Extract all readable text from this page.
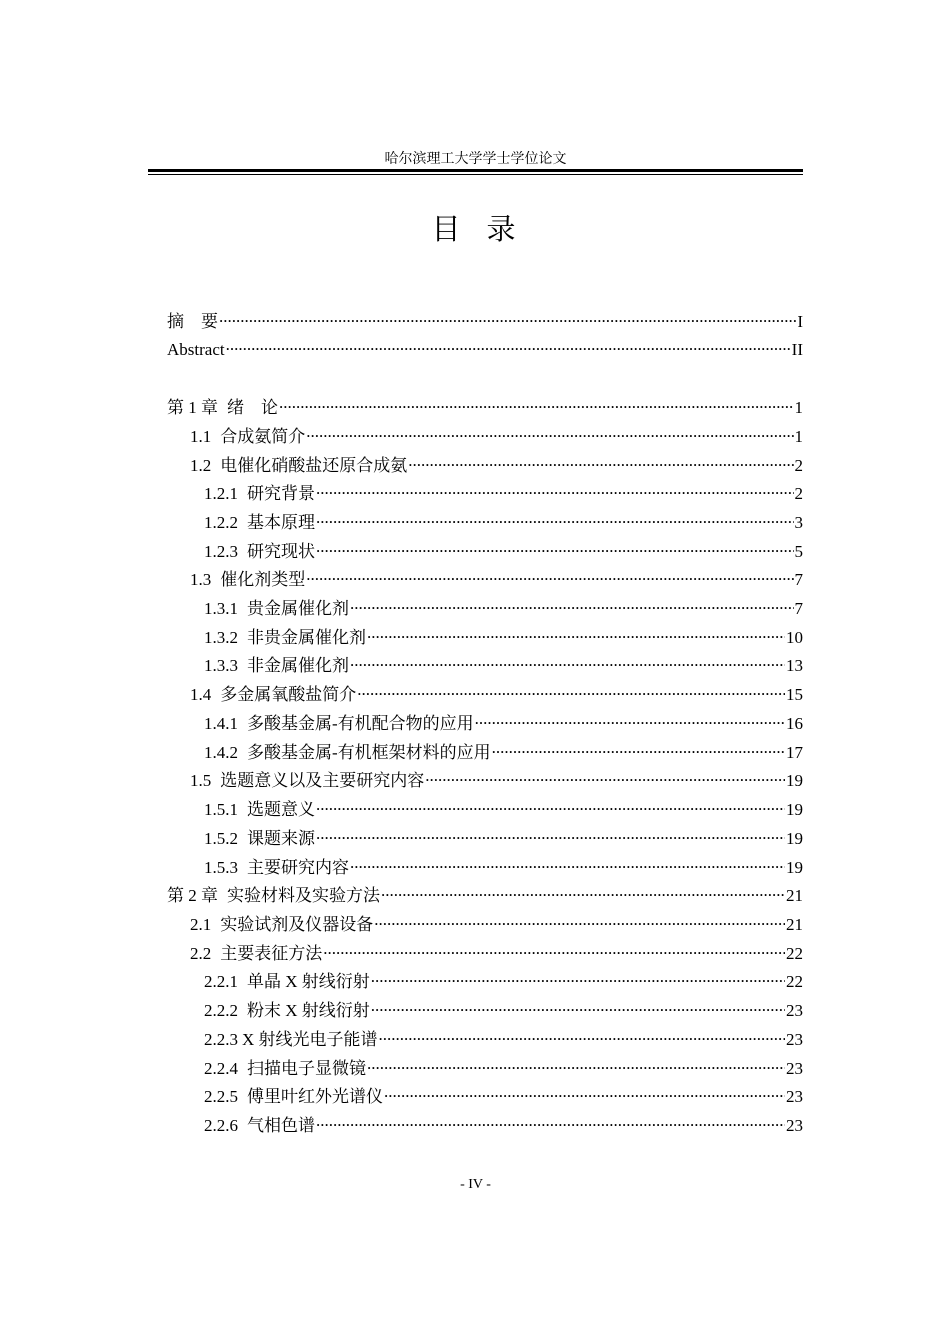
哈尔滨理工大学学士学位论文
目 录
摘　要 .....	I
Abstract .....	II
第 1 章 绪　论 .....	1
1.1 合成氨简介 .....	1
1.2 电催化硝酸盐还原合成氨 .....	2
1.2.1 研究背景 .....	2
1.2.2 基本原理 .....	3
1.2.3 研究现状 .....	5
1.3 催化剂类型 .....	7
1.3.1 贵金属催化剂 .....	7
1.3.2 非贵金属催化剂 .....	10
1.3.3 非金属催化剂 .....	13
1.4 多金属氧酸盐简介 .....	15
1.4.1 多酸基金属-有机配合物的应用 .....	16
1.4.2 多酸基金属-有机框架材料的应用 .....	17
1.5 选题意义以及主要研究内容 .....	19
1.5.1 选题意义 .....	19
1.5.2 课题来源 .....	19
1.5.3 主要研究内容 .....	19
第 2 章 实验材料及实验方法 .....	21
2.1 实验试剂及仪器设备 .....	21
2.2 主要表征方法 .....	22
2.2.1 单晶 X 射线衍射 .....	22
2.2.2 粉末 X 射线衍射 .....	23
2.2.3 X 射线光电子能谱 .....	23
2.2.4 扫描电子显微镜 .....	23
2.2.5 傅里叶红外光谱仪 .....	23
2.2.6 气相色谱 .....	23
- IV -
